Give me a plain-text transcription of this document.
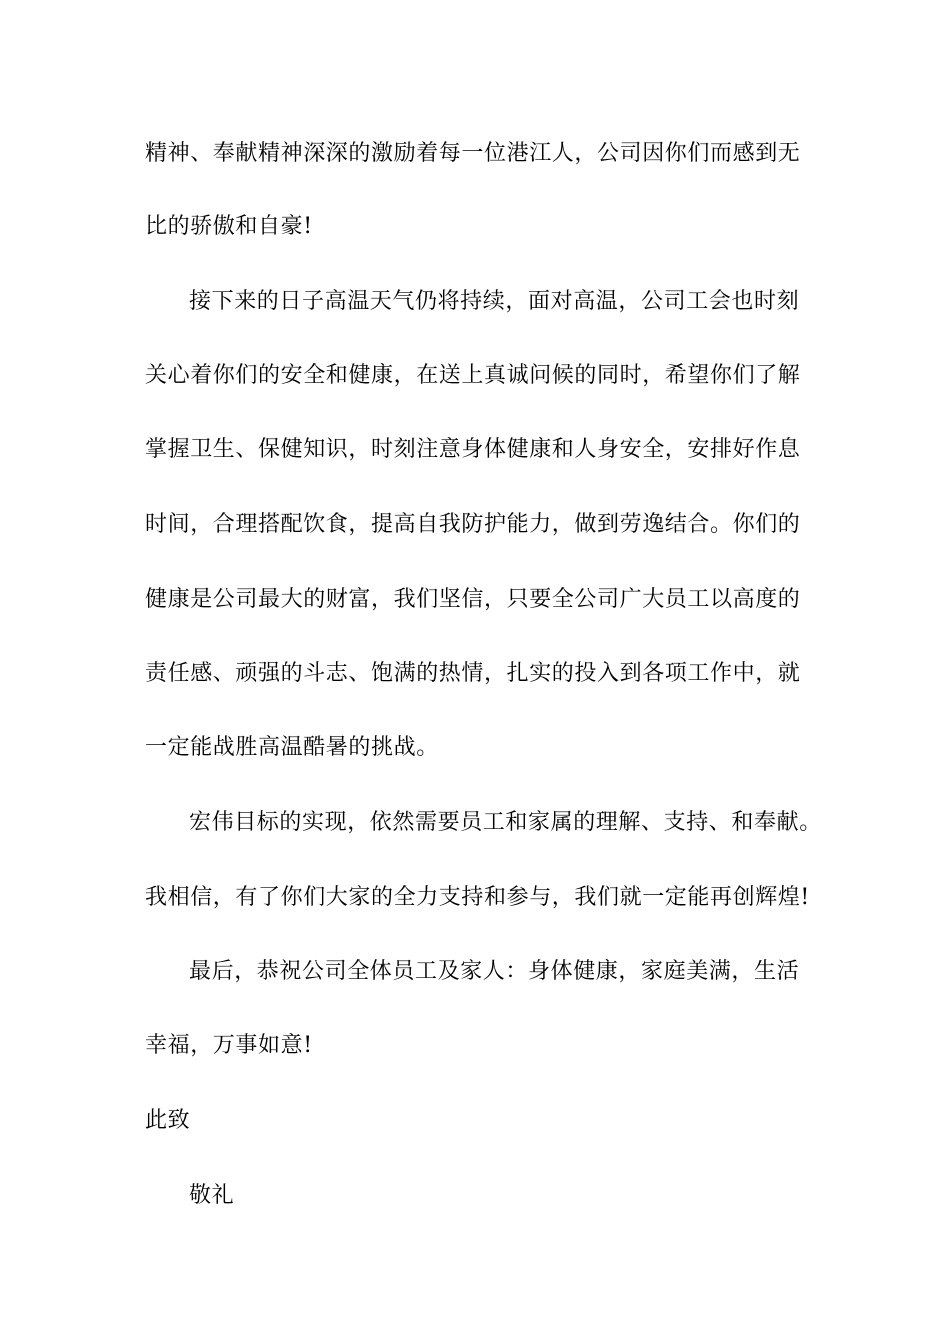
精神、奉献精神深深的激励着每一位港江人，公司因你们而感到无
比的骄傲和自豪!
接下来的日子高温天气仍将持续，面对高温，公司工会也时刻
关心着你们的安全和健康，在送上真诚问候的同时，希望你们了解
掌握卫生、保健知识，时刻注意身体健康和人身安全，安排好作息
时间，合理搭配饮食，提高自我防护能力，做到劳逸结合。你们的
健康是公司最大的财富，我们坚信，只要全公司广大员工以高度的
责任感、顽强的斗志、饱满的热情，扎实的投入到各项工作中，就
一定能战胜高温酷暑的挑战。
宏伟目标的实现，依然需要员工和家属的理解、支持、和奉献。
我相信，有了你们大家的全力支持和参与，我们就一定能再创辉煌!
最后，恭祝公司全体员工及家人：身体健康，家庭美满，生活
幸福，万事如意!
此致
敬礼
